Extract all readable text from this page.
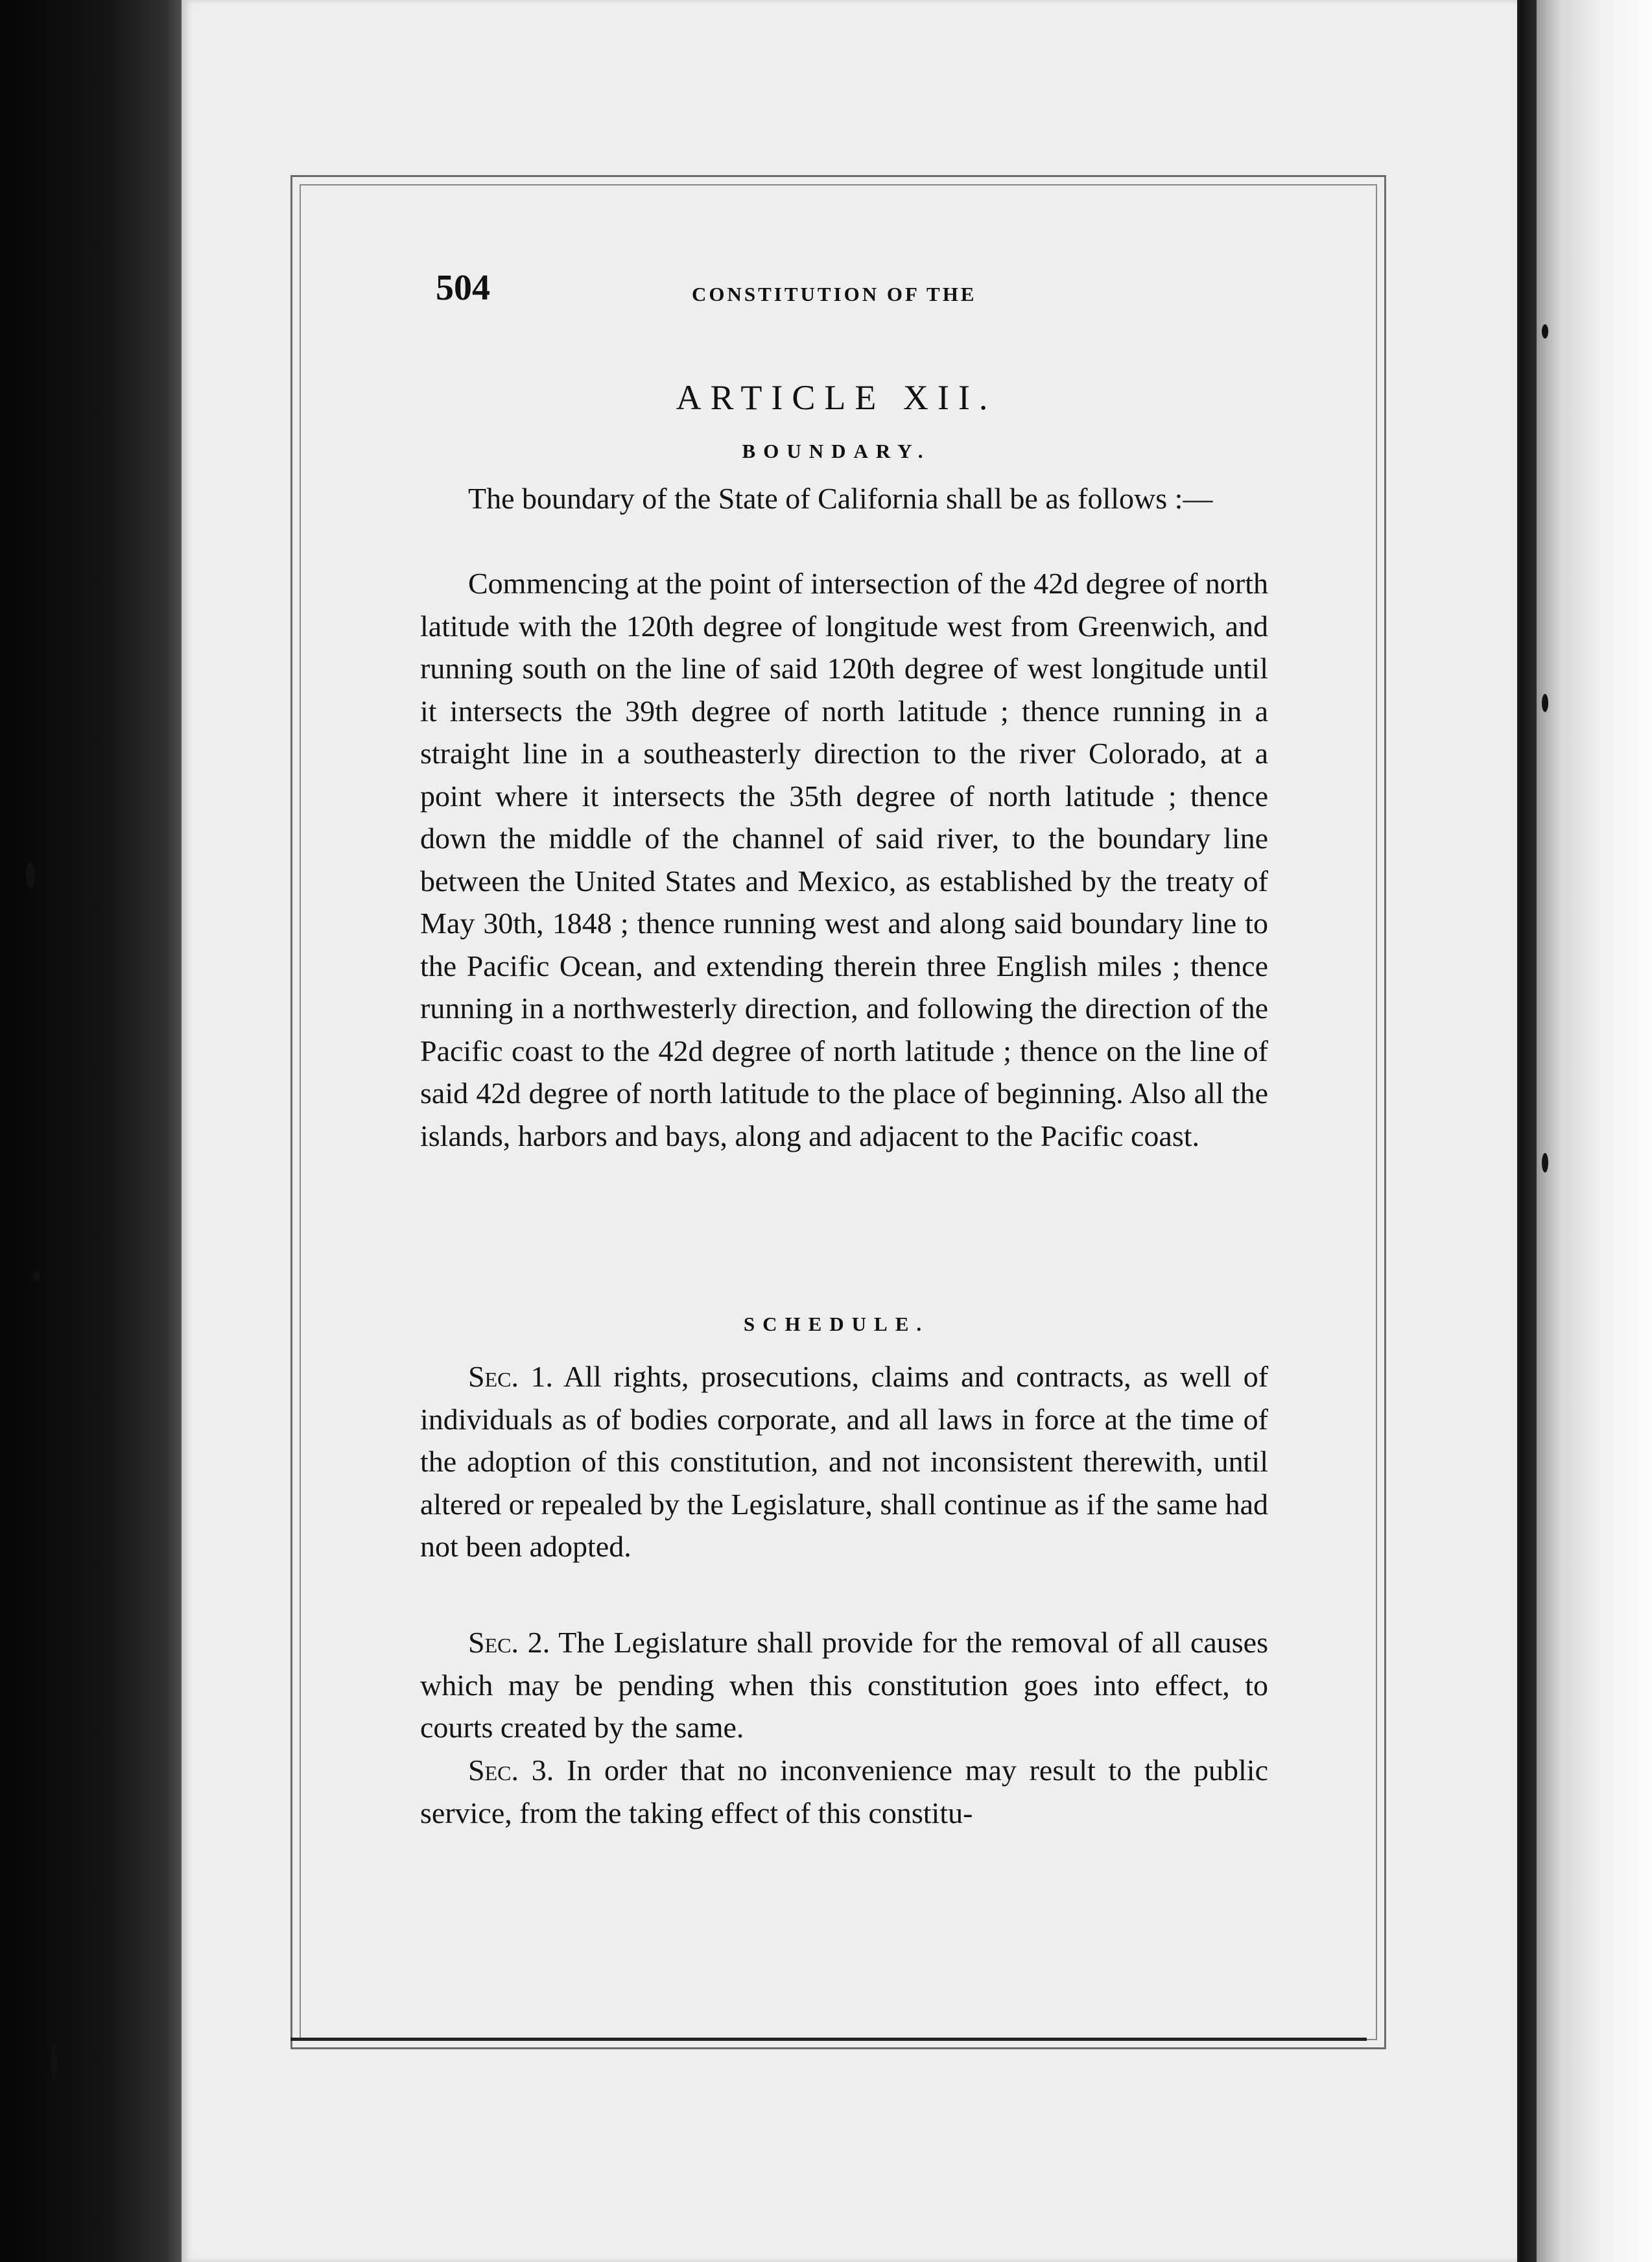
504	CONSTITUTION OF THE
ARTICLE XII.
BOUNDARY.

The boundary of the State of California shall be as follows :—

Commencing at the point of intersection of the 42d degree of north latitude with the 120th degree of longitude west from Greenwich, and running south on the line of said 120th degree of west longitude until it intersects the 39th degree of north latitude ; thence running in a straight line in a southeasterly direction to the river Colorado, at a point where it intersects the 35th degree of north latitude ; thence down the middle of the channel of said river, to the boundary line between the United States and Mexico, as established by the treaty of May 30th, 1848 ; thence running west and along said boundary line to the Pacific Ocean, and extending therein three English miles ; thence running in a northwesterly direction, and following the direction of the Pacific coast to the 42d degree of north latitude ; thence on the line of said 42d degree of north latitude to the place of beginning. Also all the islands, harbors and bays, along and adjacent to the Pacific coast.

SCHEDULE.

Sec. 1. All rights, prosecutions, claims and contracts, as well of individuals as of bodies corporate, and all laws in force at the time of the adoption of this constitution, and not inconsistent therewith, until altered or repealed by the Legislature, shall continue as if the same had not been adopted.

Sec. 2. The Legislature shall provide for the removal of all causes which may be pending when this constitution goes into effect, to courts created by the same.

Sec. 3. In order that no inconvenience may result to the public service, from the taking effect of this constitu-
